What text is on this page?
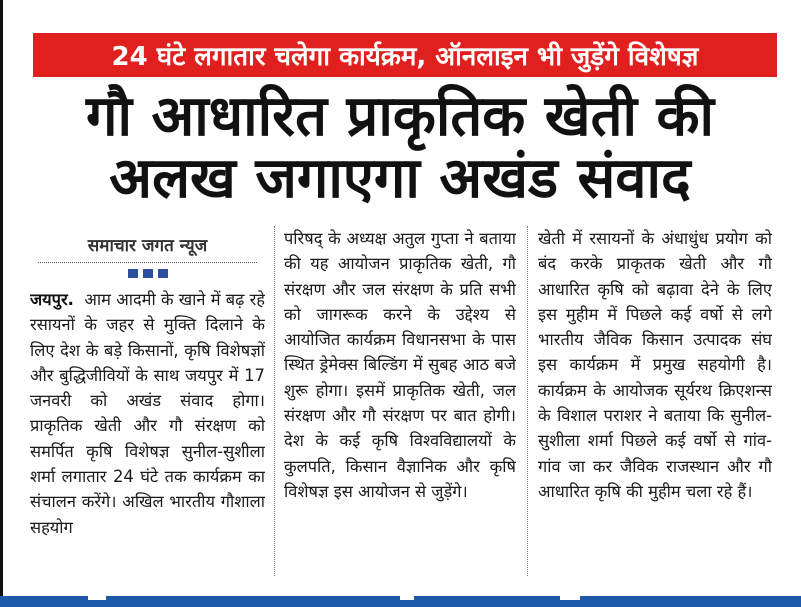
24 घंटे लगातार चलेगा कार्यक्रम, ऑनलाइन भी जुड़ेंगे विशेषज्ञ
गौ आधारित प्राकृतिक खेती की
अलख जगाएगा अखंड संवाद
समाचार जगत न्यूज

जयपुर. आम आदमी के खाने में बढ़ रहे रसायनों के जहर से मुक्ति दिलाने के लिए देश के बड़े किसानों, कृषि विशेषज्ञों और बुद्धिजीवियों के साथ जयपुर में 17 जनवरी को अखंड संवाद होगा। प्राकृतिक खेती और गौ संरक्षण को समर्पित कृषि विशेषज्ञ सुनील-सुशीला शर्मा लगातार 24 घंटे तक कार्यक्रम का संचालन करेंगे। अखिल भारतीय गौशाला सहयोग

परिषद् के अध्यक्ष अतुल गुप्ता ने बताया की यह आयोजन प्राकृतिक खेती, गौ संरक्षण और जल संरक्षण के प्रति सभी को जागरूक करने के उद्देश्य से आयोजित कार्यक्रम विधानसभा के पास स्थित ड्रेमेक्स बिल्डिंग में सुबह आठ बजे शुरू होगा। इसमें प्राकृतिक खेती, जल संरक्षण और गौ संरक्षण पर बात होगी। देश के कई कृषि विश्वविद्यालयों के कुलपति, किसान वैज्ञानिक और कृषि विशेषज्ञ इस आयोजन से जुड़ेंगे।

खेती में रसायनों के अंधाधुंध प्रयोग को बंद करके प्राकृतक खेती और गौ आधारित कृषि को बढ़ावा देने के लिए इस मुहीम में पिछले कई वर्षो से लगे भारतीय जैविक किसान उत्पादक संघ इस कार्यक्रम में प्रमुख सहयोगी है। कार्यक्रम के आयोजक सूर्यरथ क्रिएशन्स के विशाल पराशर ने बताया कि सुनील-सुशीला शर्मा पिछले कई वर्षो से गांव-गांव जा कर जैविक राजस्थान और गौ आधारित कृषि की मुहीम चला रहे हैं।
